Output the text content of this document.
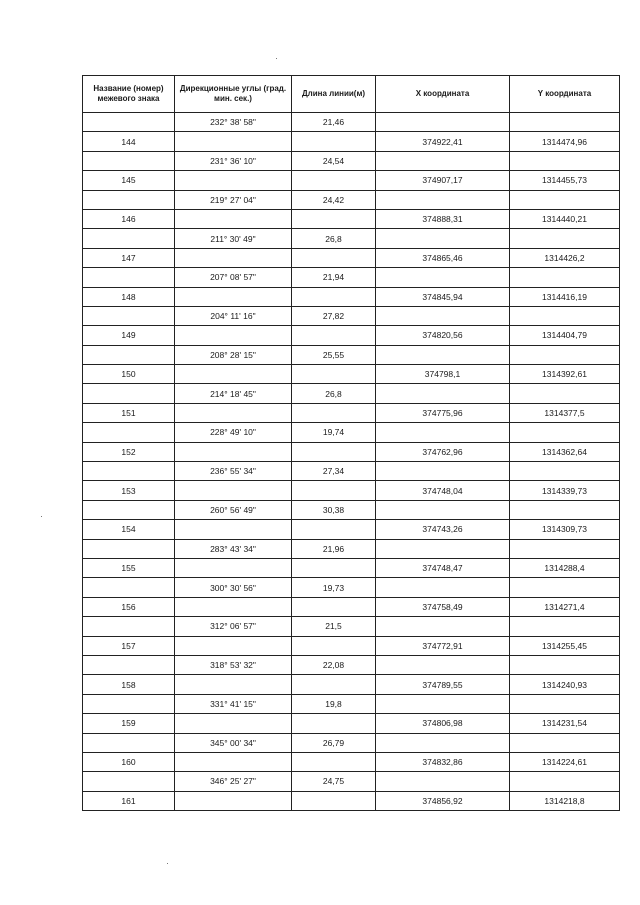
Название (номер) межевого знака	Дирекционные углы (град. мин. сек.)	Длина линии(м)	X координата	Y координата
	232° 38' 58"	21,46		
144			374922,41	1314474,96
	231° 36' 10"	24,54		
145			374907,17	1314455,73
	219° 27' 04"	24,42		
146			374888,31	1314440,21
	211° 30' 49"	26,8		
147			374865,46	1314426,2
	207° 08' 57"	21,94		
148			374845,94	1314416,19
	204° 11' 16"	27,82		
149			374820,56	1314404,79
	208° 28' 15"	25,55		
150			374798,1	1314392,61
	214° 18' 45"	26,8		
151			374775,96	1314377,5
	228° 49' 10"	19,74		
152			374762,96	1314362,64
	236° 55' 34"	27,34		
153			374748,04	1314339,73
	260° 56' 49"	30,38		
154			374743,26	1314309,73
	283° 43' 34"	21,96		
155			374748,47	1314288,4
	300° 30' 56"	19,73		
156			374758,49	1314271,4
	312° 06' 57"	21,5		
157			374772,91	1314255,45
	318° 53' 32"	22,08		
158			374789,55	1314240,93
	331° 41' 15"	19,8		
159			374806,98	1314231,54
	345° 00' 34"	26,79		
160			374832,86	1314224,61
	346° 25' 27"	24,75		
161			374856,92	1314218,8
